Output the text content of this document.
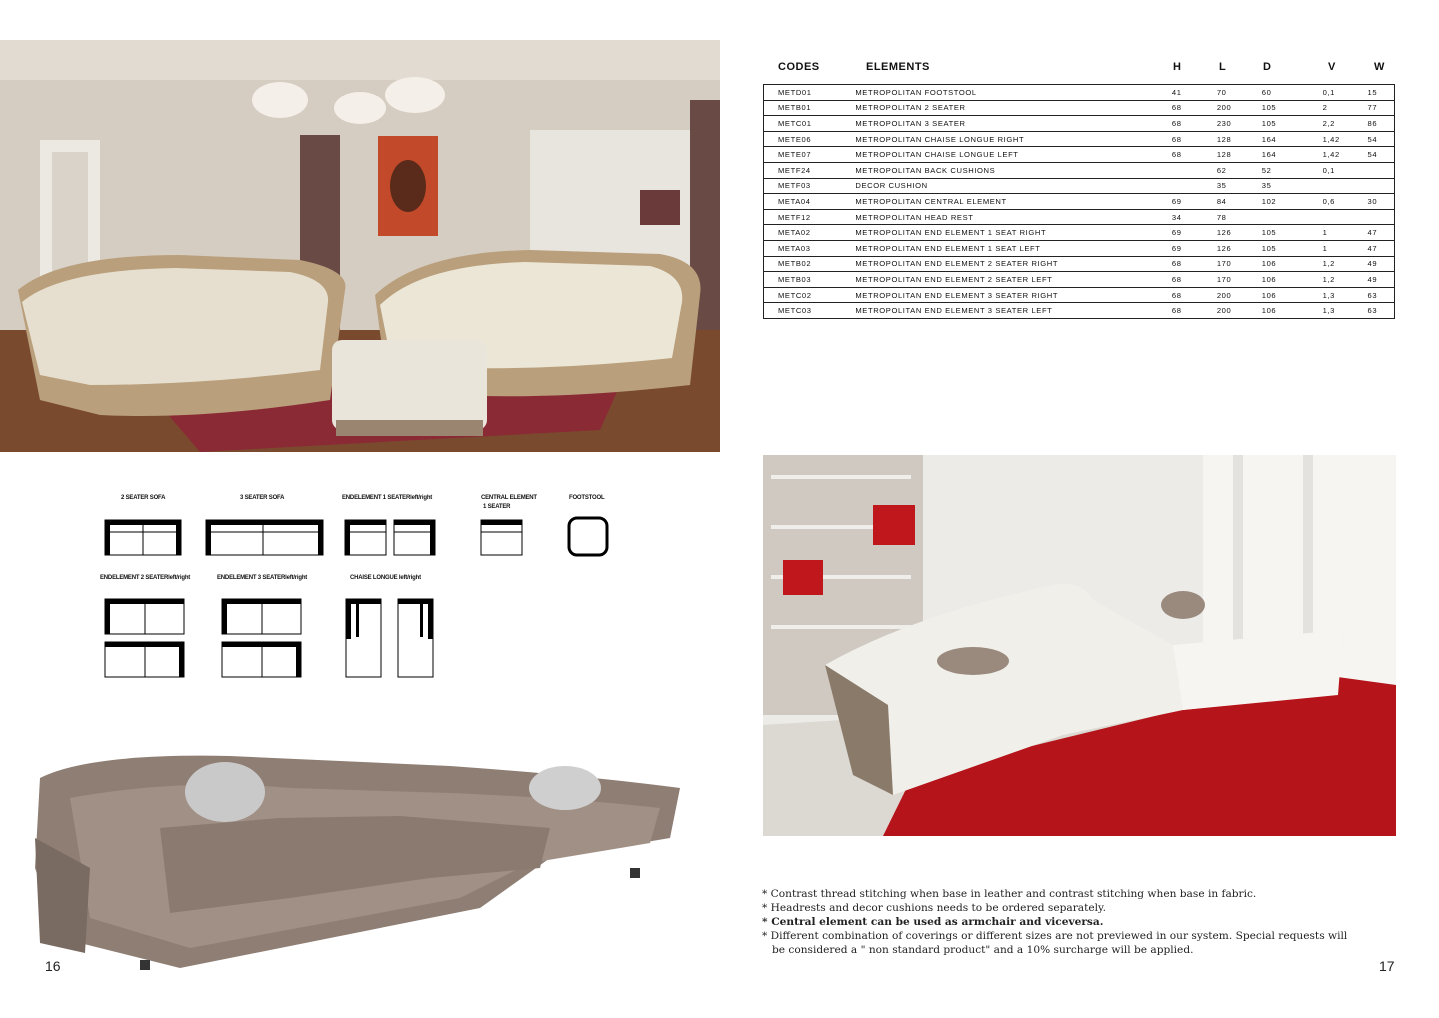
CODES	ELEMENTS	H	L	D	V	W
METD01	METROPOLITAN FOOTSTOOL	41	70	60	0,1	15
METB01	METROPOLITAN 2 SEATER	68	200	105	2	77
METC01	METROPOLITAN 3 SEATER	68	230	105	2,2	86
METE06	METROPOLITAN CHAISE LONGUE RIGHT	68	128	164	1,42	54
METE07	METROPOLITAN CHAISE LONGUE LEFT	68	128	164	1,42	54
METF24	METROPOLITAN BACK CUSHIONS		62	52	0,1	
METF03	DECOR CUSHION		35	35		
META04	METROPOLITAN CENTRAL ELEMENT	69	84	102	0,6	30
METF12	METROPOLITAN HEAD REST	34	78			
META02	METROPOLITAN END ELEMENT 1 SEAT RIGHT	69	126	105	1	47
META03	METROPOLITAN END ELEMENT 1 SEAT LEFT	69	126	105	1	47
METB02	METROPOLITAN END ELEMENT 2 SEATER RIGHT	68	170	106	1,2	49
METB03	METROPOLITAN END ELEMENT 2 SEATER LEFT	68	170	106	1,2	49
METC02	METROPOLITAN END ELEMENT 3 SEATER RIGHT	68	200	106	1,3	63
METC03	METROPOLITAN END ELEMENT 3 SEATER LEFT	68	200	106	1,3	63
2 SEATER SOFA	3 SEATER SOFA	ENDELEMENT 1 SEATERleft/right	CENTRAL ELEMENT
1 SEATER
FOOTSTOOL
ENDELEMENT 2 SEATERleft/right	ENDELEMENT 3 SEATERleft/right	CHAISE LONGUE left/right

* Contrast thread stitching when base in leather and contrast stitching when base in fabric.

* Headrests and decor cushions needs to be ordered separately.

* Central element can be used as armchair and viceversa.

* Different combination of coverings or different sizes are not previewed in our system. Special requests will

be considered a " non standard product" and a 10% surcharge will be applied.

16	17
